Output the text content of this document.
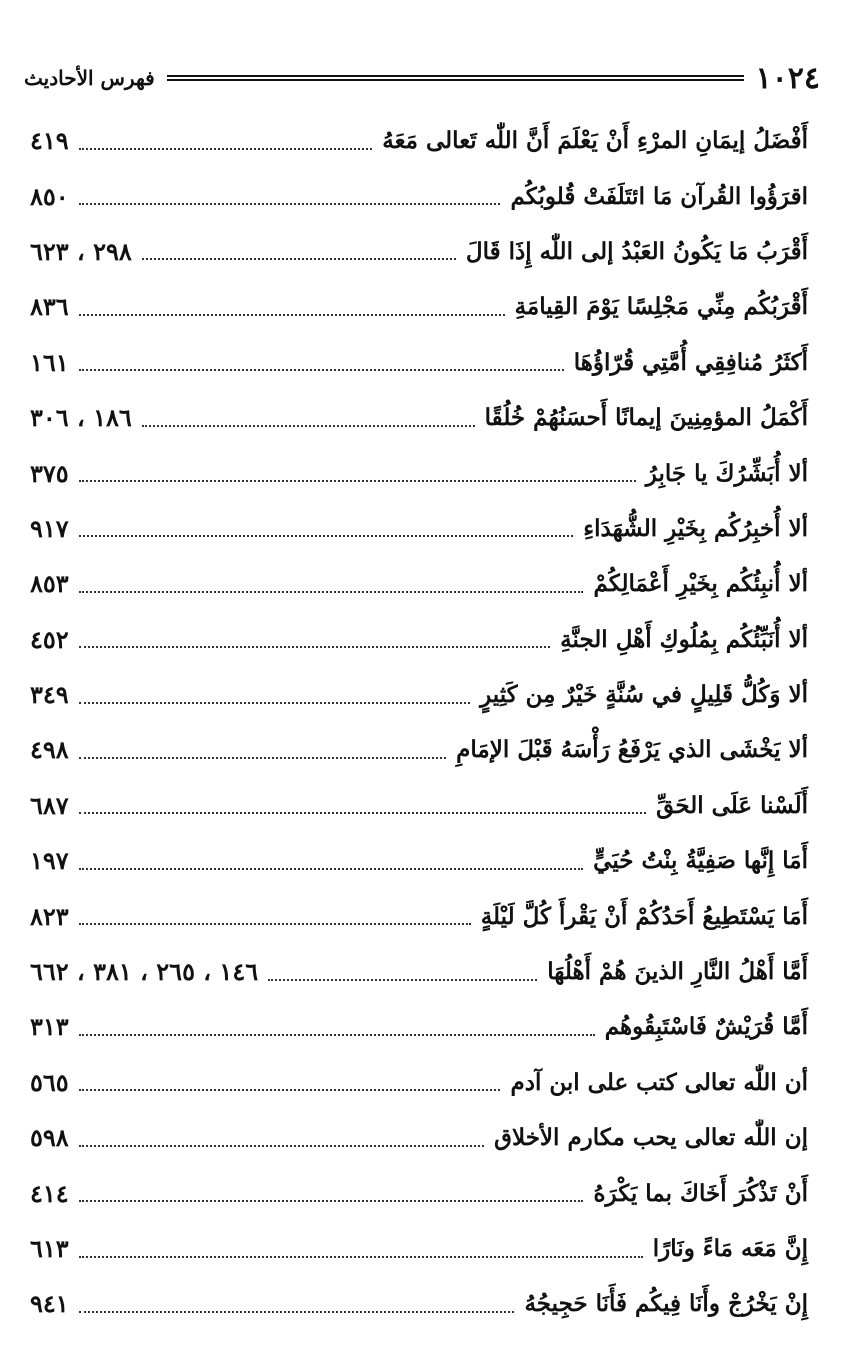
١٠٢٤
فهرس الأحاديث
أَفْضَلُ إيمَانِ المرْءِ أَنْ يَعْلَمَ أَنَّ اللّٰه تَعالى مَعَهُ
٤١٩
اقرَؤُوا القُرآن مَا ائتَلَفَتْ قُلوبُكُم
٨٥٠
أَقْرَبُ مَا يَكُونُ العَبْدُ إلى اللّٰه إِذَا قَالَ
٢٩٨ ، ٦٢٣
أَقْرَبُكُم مِنِّي مَجْلِسًا يَوْمَ القِيامَةِ
٨٣٦
أَكثَرُ مُنافِقِي أُمَّتِي قُرّاؤُهَا
١٦١
أَكْمَلُ المؤمِنِينَ إيمانًا أَحسَنُهُمْ خُلُقًا
١٨٦ ، ٣٠٦
ألا أُبَشِّرُكَ يا جَابِرُ
٣٧٥
ألا أُخبِرُكُم بِخَيْرِ الشُّهَدَاءِ
٩١٧
ألا أُنبِئُكُم بِخَيْرِ أَعْمَالِكُمْ
٨٥٣
ألا أُنَبِّئُكُم بِمُلُوكِ أَهْلِ الجنَّةِ
٤٥٢
ألا وَكُلُّ قَلِيلٍ في سُنَّةٍ خَيْرٌ مِن كَثِيرٍ
٣٤٩
ألا يَخْشَى الذي يَرْفَعُ رَأْسَهُ قَبْلَ الإمَامِ
٤٩٨
أَلَسْنا عَلَى الحَقِّ
٦٨٧
أَمَا إِنَّها صَفِيَّةُ بِنْتُ حُيَيٍّ
١٩٧
أَمَا يَسْتَطِيعُ أَحَدُكُمْ أَنْ يَقْرأَ كُلَّ لَيْلَةٍ
٨٢٣
أَمَّا أَهْلُ النَّارِ الذينَ هُمْ أَهْلُهَا
١٤٦ ، ٢٦٥ ، ٣٨١ ، ٦٦٢
أَمَّا قُرَيْشٌ فَاسْتَبِقُوهُم
٣١٣
أن اللّٰه تعالى كتب على ابن آدم
٥٦٥
إن اللّٰه تعالى يحب مكارم الأخلاق
٥٩٨
أَنْ تَذْكُرَ أَخَاكَ بما يَكْرَهُ
٤١٤
إِنَّ مَعَه مَاءً ونَارًا
٦١٣
إِنْ يَخْرُجْ وأَنَا فِيكُم فَأَنَا حَجِيجُهُ
٩٤١
